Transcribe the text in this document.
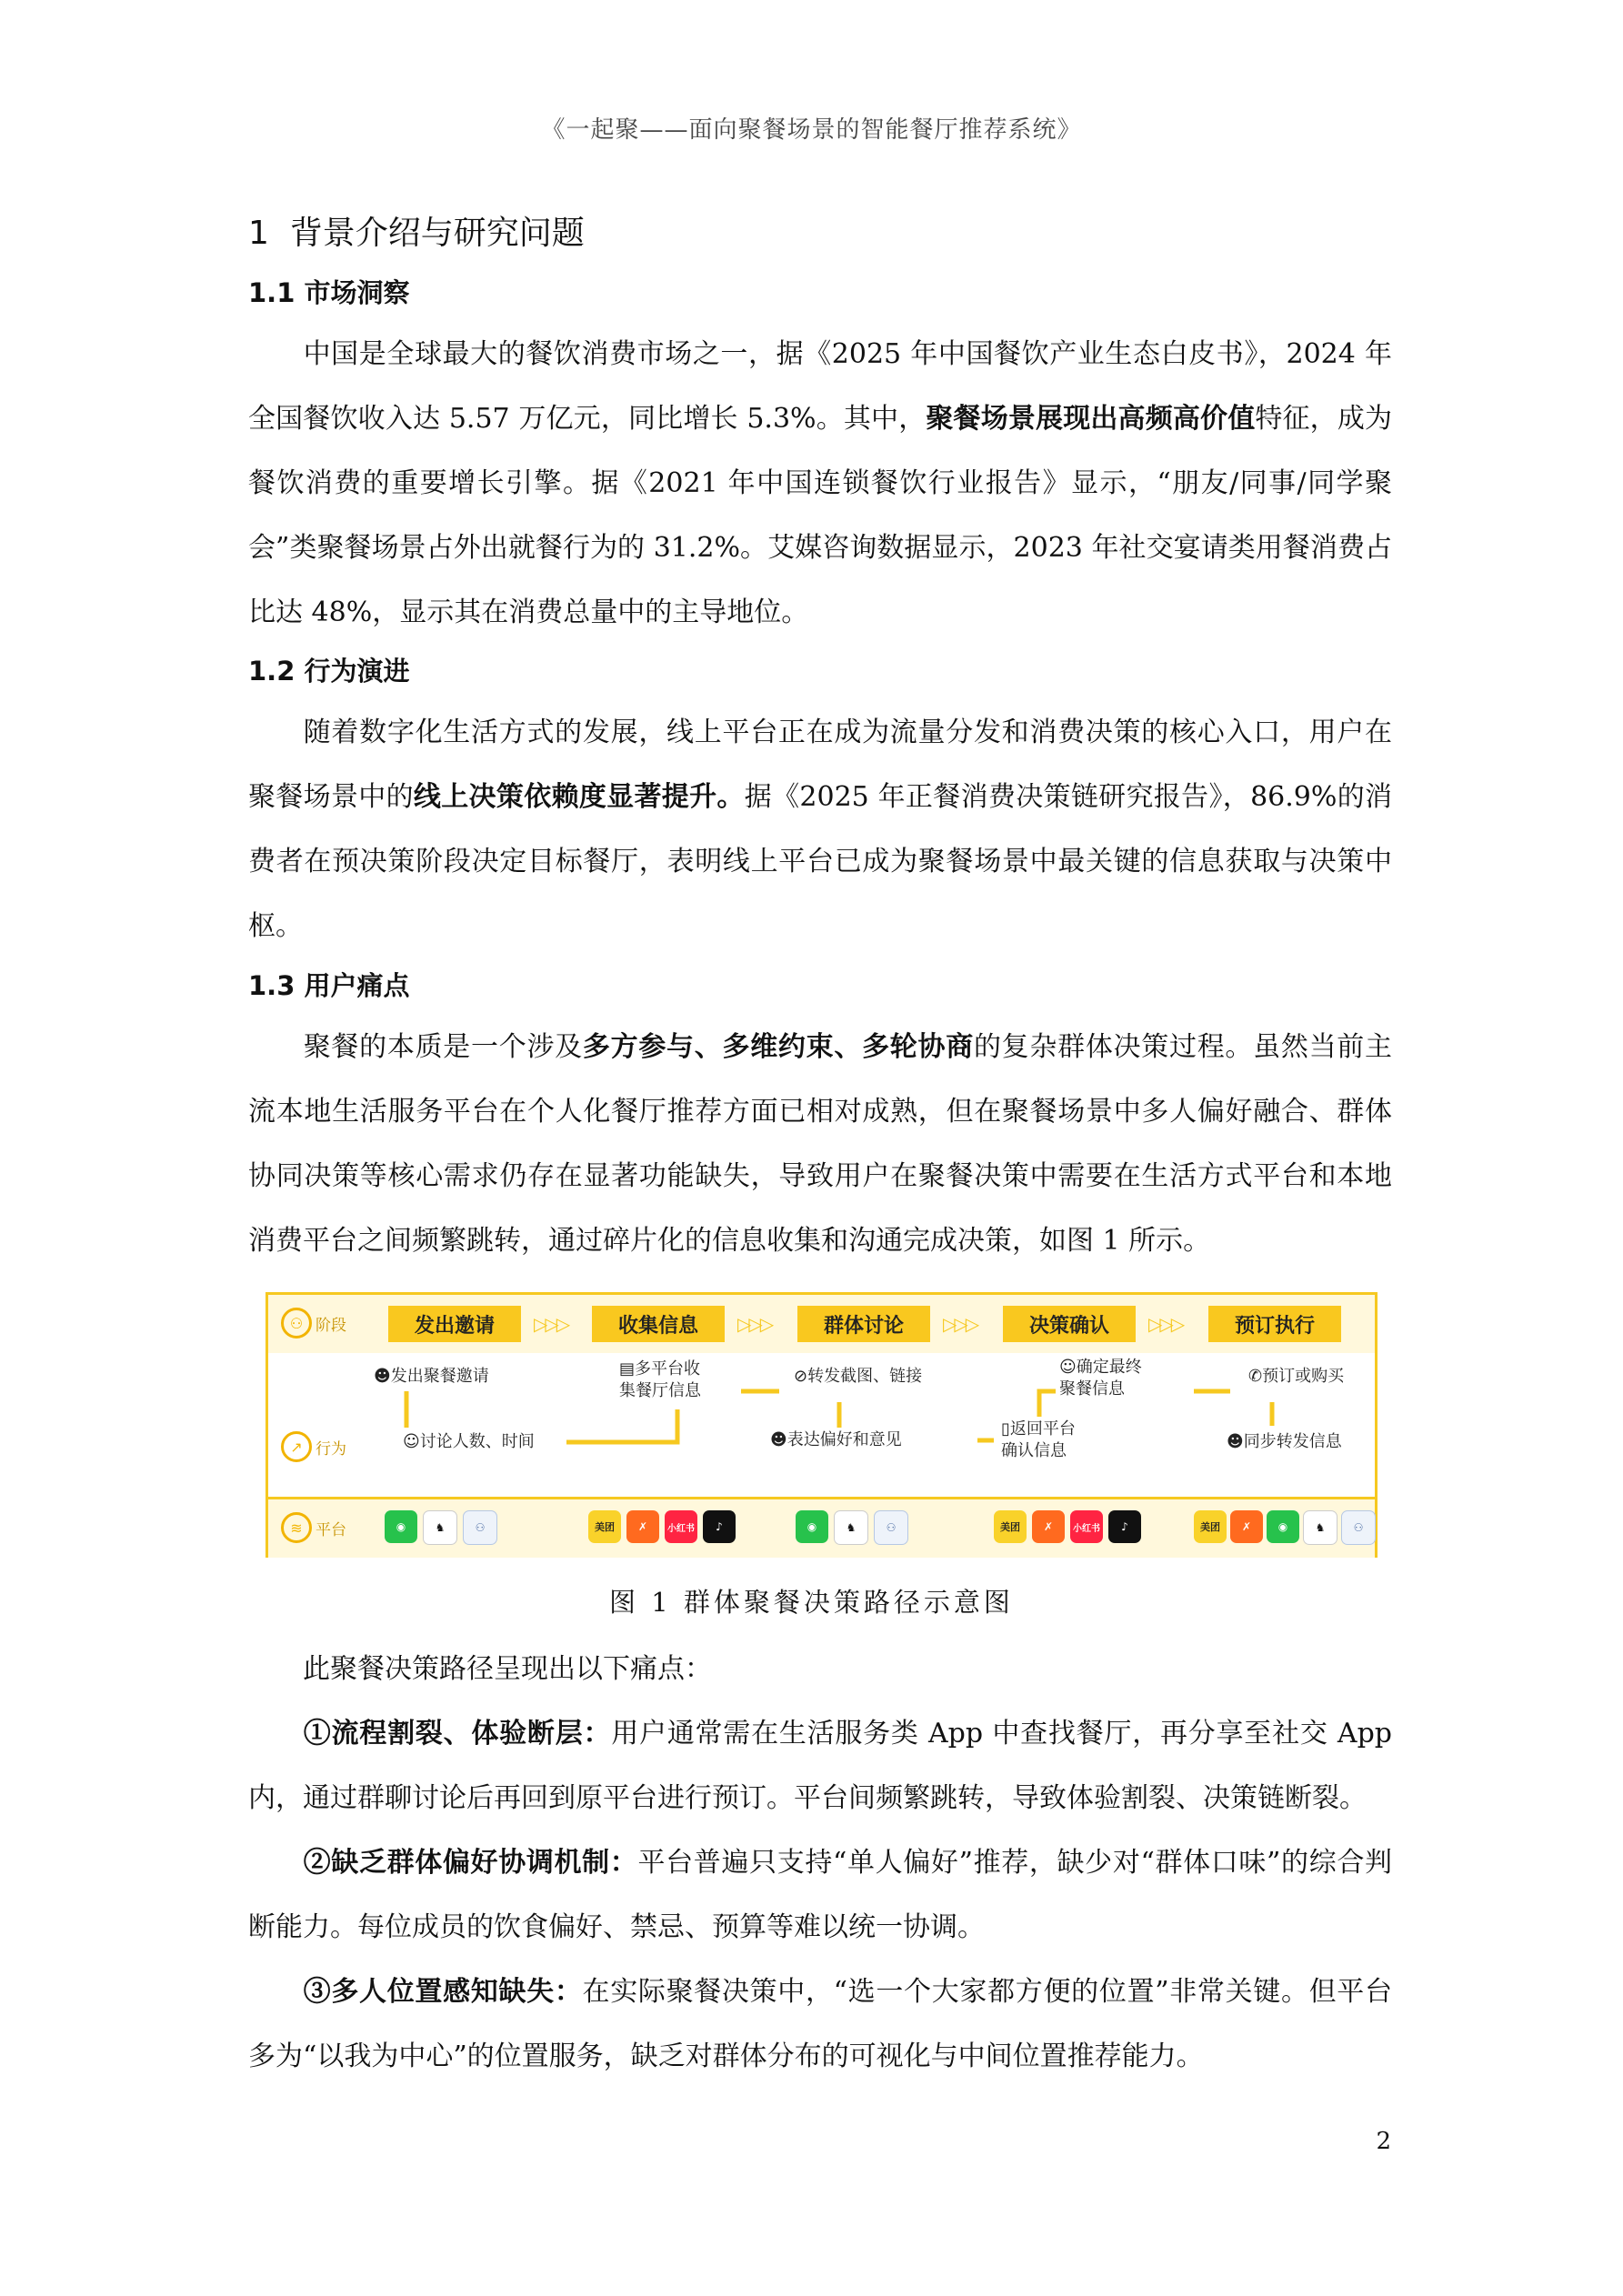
《一起聚——面向聚餐场景的智能餐厅推荐系统》
1 背景介绍与研究问题
1.1 市场洞察
中国是全球最大的餐饮消费市场之一，据《2025 年中国餐饮产业生态白皮书》，2024 年全国餐饮收入达 5.57 万亿元，同比增长 5.3%。其中，聚餐场景展现出高频高价值特征，成为餐饮消费的重要增长引擎。据《2021 年中国连锁餐饮行业报告》显示，“朋友/同事/同学聚会”类聚餐场景占外出就餐行为的 31.2%。艾媒咨询数据显示，2023 年社交宴请类用餐消费占比达 48%，显示其在消费总量中的主导地位。
1.2 行为演进
随着数字化生活方式的发展，线上平台正在成为流量分发和消费决策的核心入口，用户在聚餐场景中的线上决策依赖度显著提升。据《2025 年正餐消费决策链研究报告》，86.9%的消费者在预决策阶段决定目标餐厅，表明线上平台已成为聚餐场景中最关键的信息获取与决策中枢。
1.3 用户痛点
聚餐的本质是一个涉及多方参与、多维约束、多轮协商的复杂群体决策过程。虽然当前主流本地生活服务平台在个人化餐厅推荐方面已相对成熟，但在聚餐场景中多人偏好融合、群体协同决策等核心需求仍存在显著功能缺失，导致用户在聚餐决策中需要在生活方式平台和本地消费平台之间频繁跳转，通过碎片化的信息收集和沟通完成决策，如图 1 所示。
⚇ 阶段	发出邀请	▷▷▷	收集信息	▷▷▷	群体讨论	▷▷▷	决策确认	▷▷▷	预订执行
↗ 行为
☻发出聚餐邀请
☺讨论人数、时间
▤多平台收
集餐厅信息
⊘转发截图、链接
☻表达偏好和意见
▯返回平台
确认信息
☺确定最终
聚餐信息
✆预订或购买
☻同步转发信息
≋ 平台	◉	♞	⚇	美团	✗	小红书	♪	◉	♞	⚇	美团	✗	小红书	♪	美团	✗	◉	♞	⚇
图 1 群体聚餐决策路径示意图
此聚餐决策路径呈现出以下痛点：
①流程割裂、体验断层：用户通常需在生活服务类 App 中查找餐厅，再分享至社交 App 内，通过群聊讨论后再回到原平台进行预订。平台间频繁跳转，导致体验割裂、决策链断裂。
②缺乏群体偏好协调机制：平台普遍只支持“单人偏好”推荐，缺少对“群体口味”的综合判断能力。每位成员的饮食偏好、禁忌、预算等难以统一协调。
③多人位置感知缺失：在实际聚餐决策中，“选一个大家都方便的位置”非常关键。但平台多为“以我为中心”的位置服务，缺乏对群体分布的可视化与中间位置推荐能力。
2
